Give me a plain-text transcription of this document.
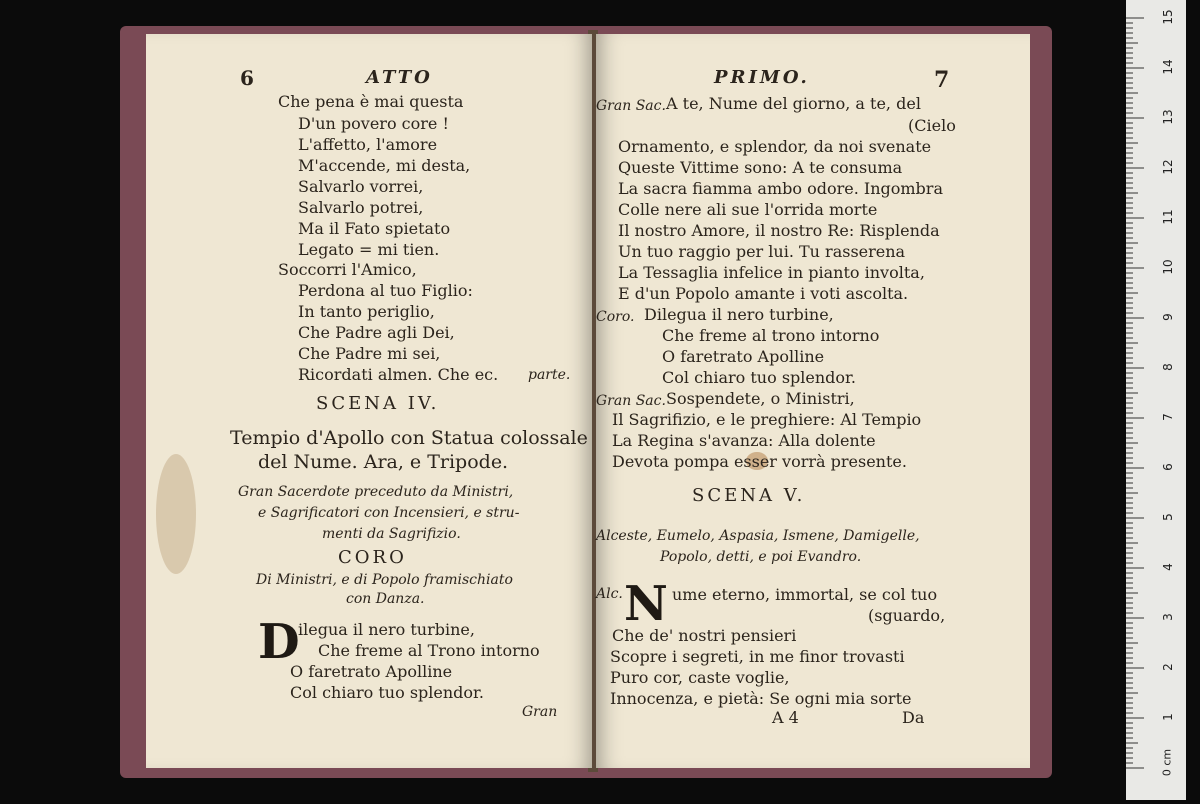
6	ATTO
Che pena è mai questa
D'un povero core !
L'affetto, l'amore
M'accende, mi desta,
Salvarlo vorrei,
Salvarlo potrei,
Ma il Fato spietato
Legato = mi tien.
Soccorri l'Amico,
Perdona al tuo Figlio:
In tanto periglio,
Che Padre agli Dei,
Che Padre mi sei,
Ricordati almen. Che ec. parte.
SCENA IV.
Tempio d'Apollo con Statua colossale
del Nume. Ara, e Tripode.
Gran Sacerdote preceduto da Ministri,
e Sagrificatori con Incensieri, e stru-
menti da Sagrifizio.
CORO
Di Ministri, e di Popolo framischiato
con Danza.
D
ilegua il nero turbine,
Che freme al Trono intorno
O faretrato Apolline
Col chiaro tuo splendor.
Gran
PRIMO.	7
Gran Sac. A te, Nume del giorno, a te, del
(Cielo
Ornamento, e splendor, da noi svenate
Queste Vittime sono: A te consuma
La sacra fiamma ambo odore. Ingombra
Colle nere ali sue l'orrida morte
Il nostro Amore, il nostro Re: Risplenda
Un tuo raggio per lui. Tu rasserena
La Tessaglia infelice in pianto involta,
E d'un Popolo amante i voti ascolta.
Coro. Dilegua il nero turbine,
Che freme al trono intorno
O faretrato Apolline
Col chiaro tuo splendor.
Gran Sac. Sospendete, o Ministri,
Il Sagrifizio, e le preghiere: Al Tempio
La Regina s'avanza: Alla dolente
Devota pompa esser vorrà presente.
SCENA V.
Alceste, Eumelo, Aspasia, Ismene, Damigelle,
Popolo, detti, e poi Evandro.
Alc. N ume eterno, immortal, se col tuo
(sguardo,
Che de' nostri pensieri
Scopre i segreti, in me finor trovasti
Puro cor, caste voglie,
Innocenza, e pietà: Se ogni mia sorte
A 4	Da
0 cm
1
2
3
4
5
6
7
8
9
10
11
12
13
14
15
